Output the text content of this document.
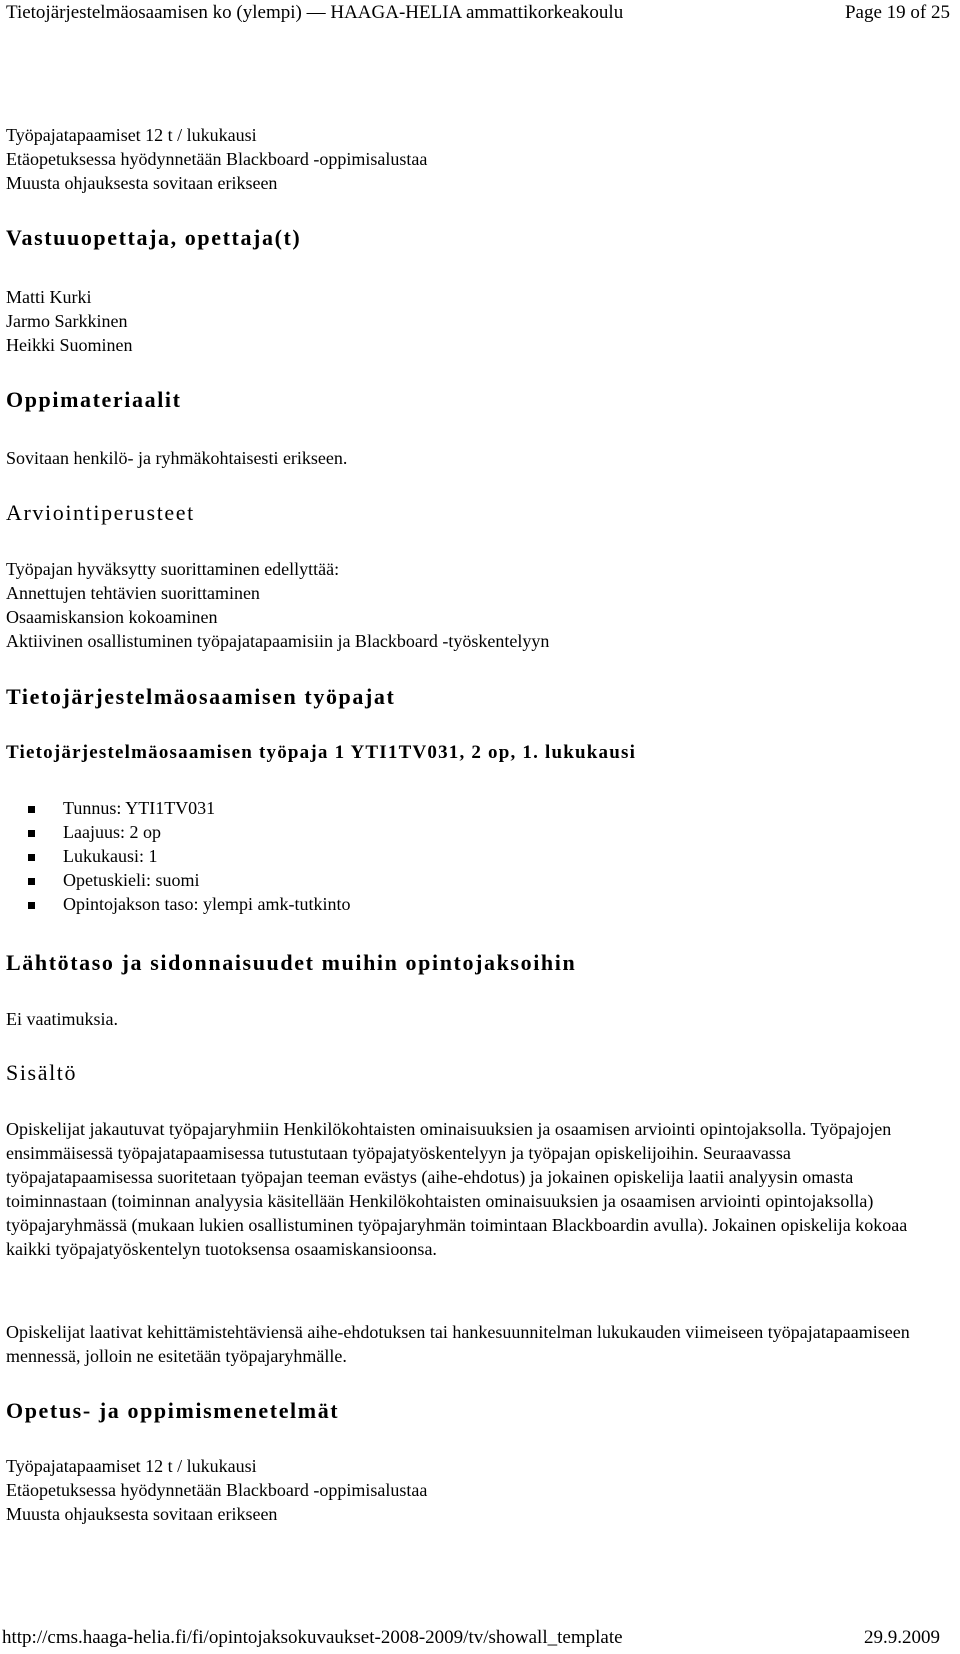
Tietojärjestelmäosaamisen ko (ylempi) — HAAGA-HELIA ammattikorkeakoulu	Page 19 of 25
Työpajatapaamiset 12 t / lukukausi
Etäopetuksessa hyödynnetään Blackboard -oppimisalustaa
Muusta ohjauksesta sovitaan erikseen
Vastuuopettaja, opettaja(t)
Matti Kurki
Jarmo Sarkkinen
Heikki Suominen
Oppimateriaalit
Sovitaan henkilö- ja ryhmäkohtaisesti erikseen.
Arviointiperusteet
Työpajan hyväksytty suorittaminen edellyttää:
Annettujen tehtävien suorittaminen
Osaamiskansion kokoaminen
Aktiivinen osallistuminen työpajatapaamisiin ja Blackboard -työskentelyyn
Tietojärjestelmäosaamisen työpajat
Tietojärjestelmäosaamisen työpaja 1 YTI1TV031, 2 op, 1. lukukausi
Tunnus: YTI1TV031
Laajuus: 2 op
Lukukausi: 1
Opetuskieli: suomi
Opintojakson taso: ylempi amk-tutkinto
Lähtötaso ja sidonnaisuudet muihin opintojaksoihin
Ei vaatimuksia.
Sisältö
Opiskelijat jakautuvat työpajaryhmiin Henkilökohtaisten ominaisuuksien ja osaamisen arviointi opintojaksolla. Työpajojen ensimmäisessä työpajatapaamisessa tutustutaan työpajatyöskentelyyn ja työpajan opiskelijoihin. Seuraavassa työpajatapaamisessa suoritetaan työpajan teeman evästys (aihe-ehdotus) ja jokainen opiskelija laatii analyysin omasta toiminnastaan (toiminnan analyysia käsitellään Henkilökohtaisten ominaisuuksien ja osaamisen arviointi opintojaksolla) työpajaryhmässä (mukaan lukien osallistuminen työpajaryhmän toimintaan Blackboardin avulla). Jokainen opiskelija kokoaa kaikki työpajatyöskentelyn tuotoksensa osaamiskansioonsa.
Opiskelijat laativat kehittämistehtäviensä aihe-ehdotuksen tai hankesuunnitelman lukukauden viimeiseen työpajatapaamiseen mennessä, jolloin ne esitetään työpajaryhmälle.
Opetus- ja oppimismenetelmät
Työpajatapaamiset 12 t / lukukausi
Etäopetuksessa hyödynnetään Blackboard -oppimisalustaa
Muusta ohjauksesta sovitaan erikseen
http://cms.haaga-helia.fi/fi/opintojaksokuvaukset-2008-2009/tv/showall_template	29.9.2009
